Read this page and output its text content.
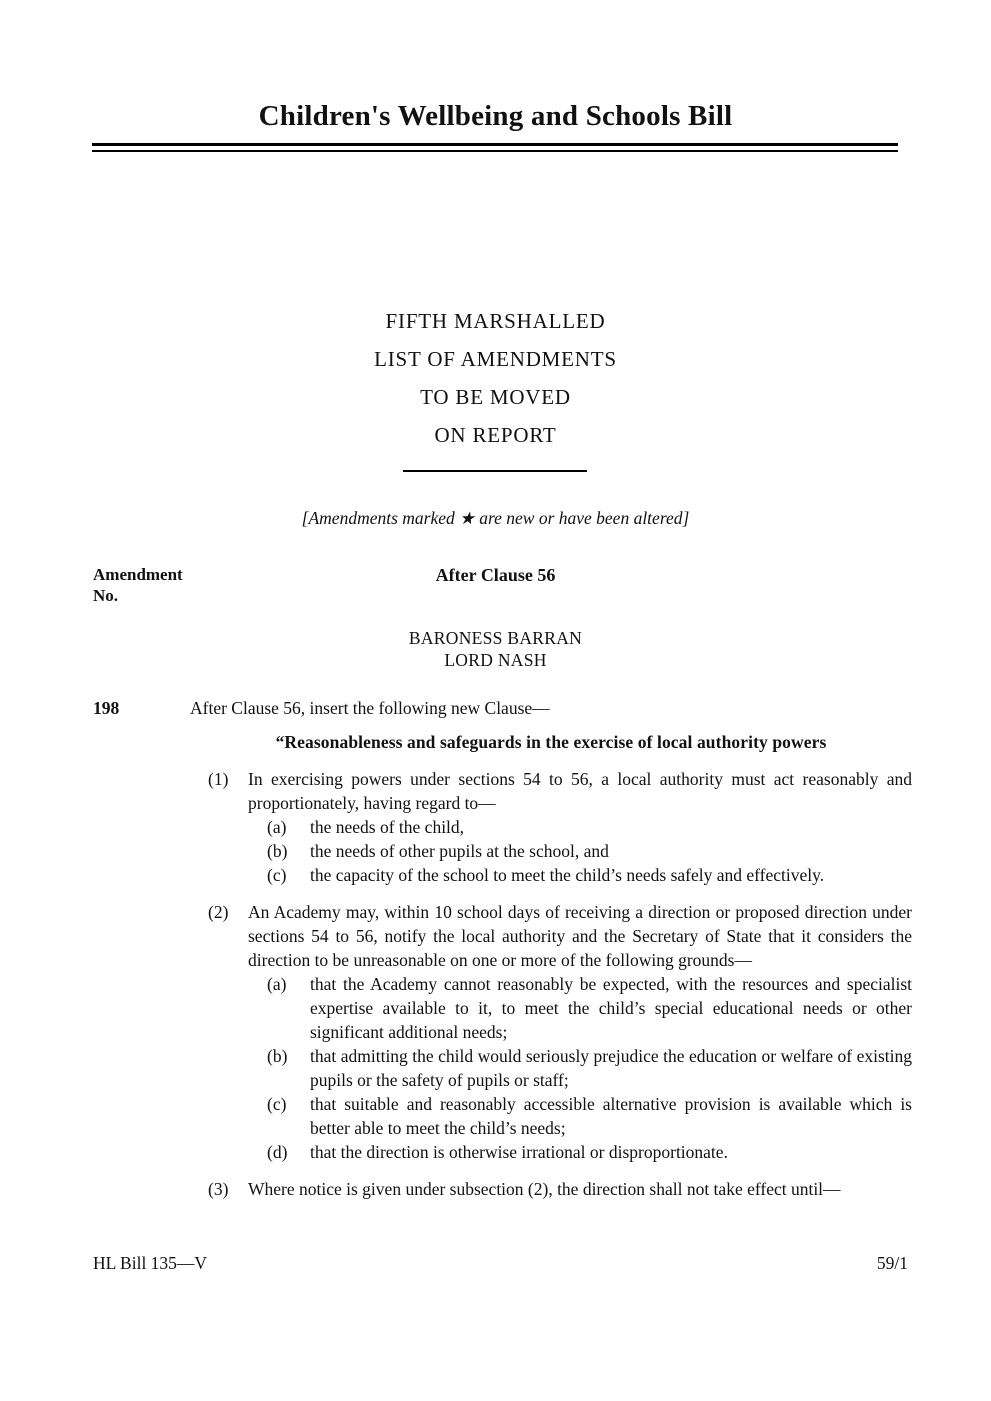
Children's Wellbeing and Schools Bill
FIFTH MARSHALLED
LIST OF AMENDMENTS
TO BE MOVED
ON REPORT
[Amendments marked ★ are new or have been altered]
Amendment
No.
After Clause 56
BARONESS BARRAN
LORD NASH
198	After Clause 56, insert the following new Clause—
“Reasonableness and safeguards in the exercise of local authority powers
(1)	In exercising powers under sections 54 to 56, a local authority must act reasonably and proportionately, having regard to—
(a)	the needs of the child,
(b)	the needs of other pupils at the school, and
(c)	the capacity of the school to meet the child’s needs safely and effectively.
(2)	An Academy may, within 10 school days of receiving a direction or proposed direction under sections 54 to 56, notify the local authority and the Secretary of State that it considers the direction to be unreasonable on one or more of the following grounds—
(a)	that the Academy cannot reasonably be expected, with the resources and specialist expertise available to it, to meet the child’s special educational needs or other significant additional needs;
(b)	that admitting the child would seriously prejudice the education or welfare of existing pupils or the safety of pupils or staff;
(c)	that suitable and reasonably accessible alternative provision is available which is better able to meet the child’s needs;
(d)	that the direction is otherwise irrational or disproportionate.
(3)	Where notice is given under subsection (2), the direction shall not take effect until—
HL Bill 135—V	59/1
